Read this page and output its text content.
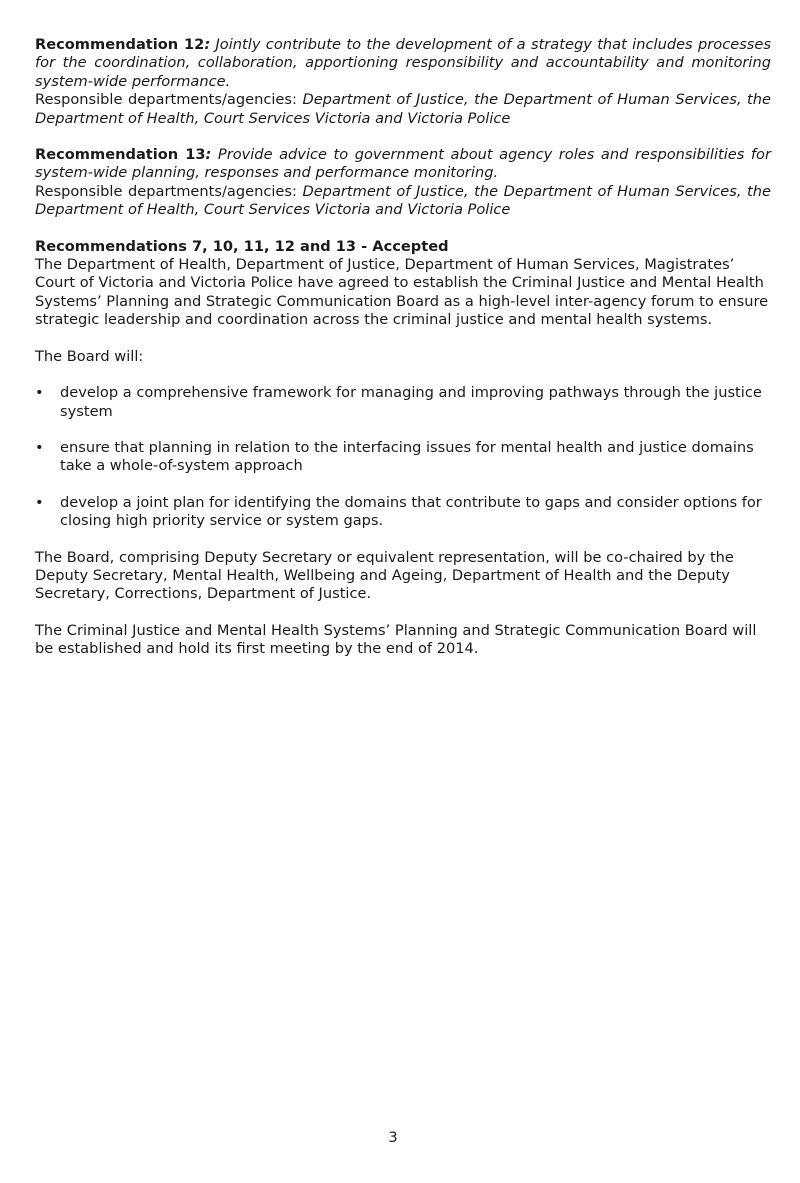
Recommendation 12: Jointly contribute to the development of a strategy that includes processes for the coordination, collaboration, apportioning responsibility and accountability and monitoring system-wide performance.

Responsible departments/agencies: Department of Justice, the Department of Human Services, the Department of Health, Court Services Victoria and Victoria Police

Recommendation 13: Provide advice to government about agency roles and responsibilities for system-wide planning, responses and performance monitoring.

Responsible departments/agencies: Department of Justice, the Department of Human Services, the Department of Health, Court Services Victoria and Victoria Police

Recommendations 7, 10, 11, 12 and 13 - Accepted
The Department of Health, Department of Justice, Department of Human Services, Magistrates’ Court of Victoria and Victoria Police have agreed to establish the Criminal Justice and Mental Health Systems’ Planning and Strategic Communication Board as a high-level inter-agency forum to ensure strategic leadership and coordination across the criminal justice and mental health systems.

The Board will:

• develop a comprehensive framework for managing and improving pathways through the justice system
• ensure that planning in relation to the interfacing issues for mental health and justice domains take a whole-of-system approach
• develop a joint plan for identifying the domains that contribute to gaps and consider options for closing high priority service or system gaps.

The Board, comprising Deputy Secretary or equivalent representation, will be co-chaired by the Deputy Secretary, Mental Health, Wellbeing and Ageing, Department of Health and the Deputy Secretary, Corrections, Department of Justice.

The Criminal Justice and Mental Health Systems’ Planning and Strategic Communication Board will be established and hold its first meeting by the end of 2014.

3
